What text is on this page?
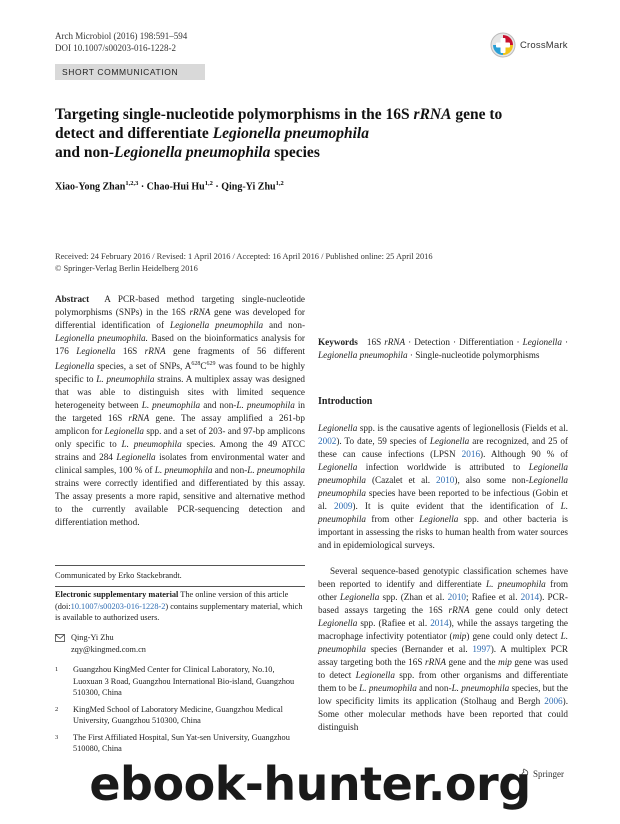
Arch Microbiol (2016) 198:591–594
DOI 10.1007/s00203-016-1228-2	CrossMark
SHORT COMMUNICATION
Targeting single-nucleotide polymorphisms in the 16S rRNA gene to detect and differentiate Legionella pneumophila
and non-Legionella pneumophila species
Xiao-Yong Zhan$^{1,2,3}$ · Chao-Hui Hu$^{1,2}$ · Qing-Yi Zhu$^{1,2}$
Received: 24 February 2016 / Revised: 1 April 2016 / Accepted: 16 April 2016 / Published online: 25 April 2016
© Springer-Verlag Berlin Heidelberg 2016
Abstract A PCR-based method targeting single-nucleotide polymorphisms (SNPs) in the 16S rRNA gene was developed for differential identification of Legionella pneumophila and non-Legionella pneumophila. Based on the bioinformatics analysis for 176 Legionella 16S rRNA gene fragments of 56 different Legionella species, a set of SNPs, $A^{628}C^{629}$ was found to be highly specific to L. pneumophila strains. A multiplex assay was designed that was able to distinguish sites with limited sequence heterogeneity between L. pneumophila and non-L. pneumophila in the targeted 16S rRNA gene. The assay amplified a 261-bp amplicon for Legionella spp. and a set of 203- and 97-bp amplicons only specific to L. pneumophila species. Among the 49 ATCC strains and 284 Legionella isolates from environmental water and clinical samples, 100 % of L. pneumophila and non-L. pneumophila strains were correctly identified and differentiated by this assay. The assay presents a more rapid, sensitive and alternative method to the currently available PCR-sequencing detection and differentiation method.
Communicated by Erko Stackebrandt.
Electronic supplementary material The online version of this article (doi:10.1007/s00203-016-1228-2) contains supplementary material, which is available to authorized users.
Qing-Yi Zhu
zqy@kingmed.com.cn
1	Guangzhou KingMed Center for Clinical Laboratory, No.10, Luoxuan 3 Road, Guangzhou International Bio-island, Guangzhou 510300, China
2	KingMed School of Laboratory Medicine, Guangzhou Medical University, Guangzhou 510300, China
3	The First Affiliated Hospital, Sun Yat-sen University, Guangzhou 510080, China
Keywords 16S rRNA · Detection · Differentiation · Legionella · Legionella pneumophila · Single-nucleotide polymorphisms
Introduction
Legionella spp. is the causative agents of legionellosis (Fields et al. 2002). To date, 59 species of Legionella are recognized, and 25 of these can cause infections (LPSN 2016). Although 90 % of Legionella infection worldwide is attributed to Legionella pneumophila (Cazalet et al. 2010), also some non-Legionella pneumophila species have been reported to be infectious (Gobin et al. 2009). It is quite evident that the identification of L. pneumophila from other Legionella spp. and other bacteria is important in assessing the risks to human health from water sources and in epidemiological surveys.
Several sequence-based genotypic classification schemes have been reported to identify and differentiate L. pneumophila from other Legionella spp. (Zhan et al. 2010; Rafiee et al. 2014). PCR-based assays targeting the 16S rRNA gene could only detect Legionella spp. (Rafiee et al. 2014), while the assays targeting the macrophage infectivity potentiator (mip) gene could only detect L. pneumophila species (Bernander et al. 1997). A multiplex PCR assay targeting both the 16S rRNA gene and the mip gene was used to detect Legionella spp. from other organisms and differentiate them to be L. pneumophila and non-L. pneumophila species, but the low specificity limits its application (Stolhaug and Bergh 2006). Some other molecular methods have been reported that could distinguish
Springer
ebook-hunter.org
